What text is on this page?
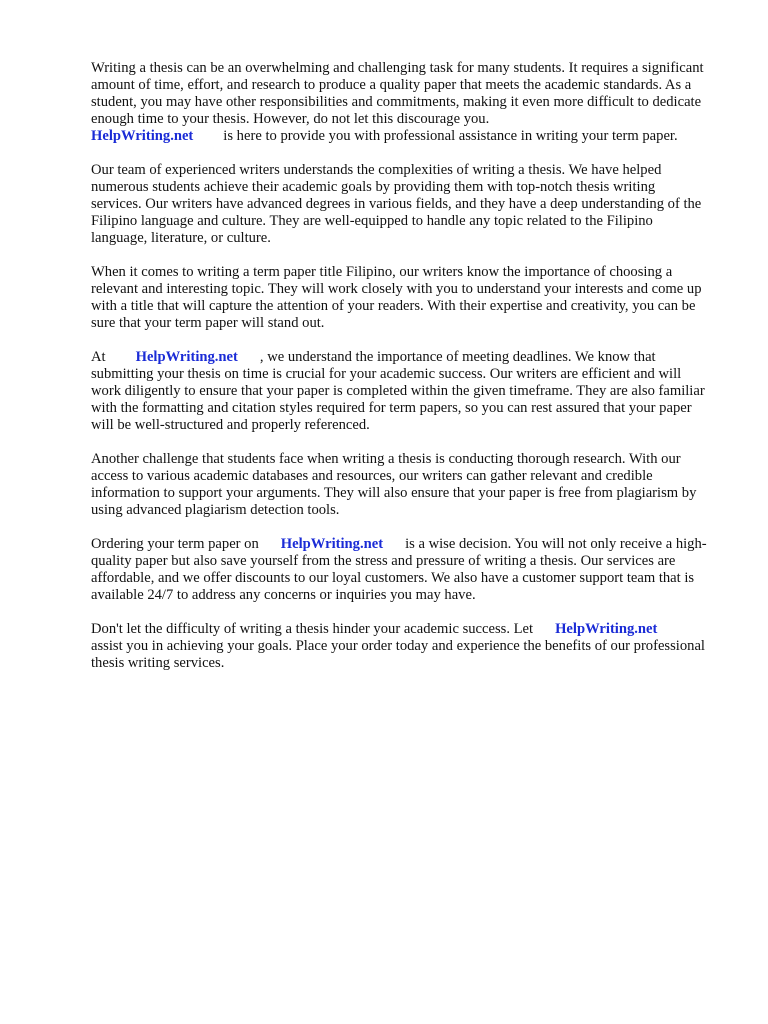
Writing a thesis can be an overwhelming and challenging task for many students. It requires a significant amount of time, effort, and research to produce a quality paper that meets the academic standards. As a student, you may have other responsibilities and commitments, making it even more difficult to dedicate enough time to your thesis. However, do not let this discourage you.
HelpWriting.net is here to provide you with professional assistance in writing your term paper.

Our team of experienced writers understands the complexities of writing a thesis. We have helped numerous students achieve their academic goals by providing them with top-notch thesis writing services. Our writers have advanced degrees in various fields, and they have a deep understanding of the Filipino language and culture. They are well-equipped to handle any topic related to the Filipino language, literature, or culture.

When it comes to writing a term paper title Filipino, our writers know the importance of choosing a relevant and interesting topic. They will work closely with you to understand your interests and come up with a title that will capture the attention of your readers. With their expertise and creativity, you can be sure that your term paper will stand out.

At HelpWriting.net , we understand the importance of meeting deadlines. We know that submitting your thesis on time is crucial for your academic success. Our writers are efficient and will work diligently to ensure that your paper is completed within the given timeframe. They are also familiar with the formatting and citation styles required for term papers, so you can rest assured that your paper will be well-structured and properly referenced.

Another challenge that students face when writing a thesis is conducting thorough research. With our access to various academic databases and resources, our writers can gather relevant and credible information to support your arguments. They will also ensure that your paper is free from plagiarism by using advanced plagiarism detection tools.

Ordering your term paper on HelpWriting.net is a wise decision. You will not only receive a high-quality paper but also save yourself from the stress and pressure of writing a thesis. Our services are affordable, and we offer discounts to our loyal customers. We also have a customer support team that is available 24/7 to address any concerns or inquiries you may have.

Don't let the difficulty of writing a thesis hinder your academic success. Let HelpWriting.net
assist you in achieving your goals. Place your order today and experience the benefits of our professional thesis writing services.
